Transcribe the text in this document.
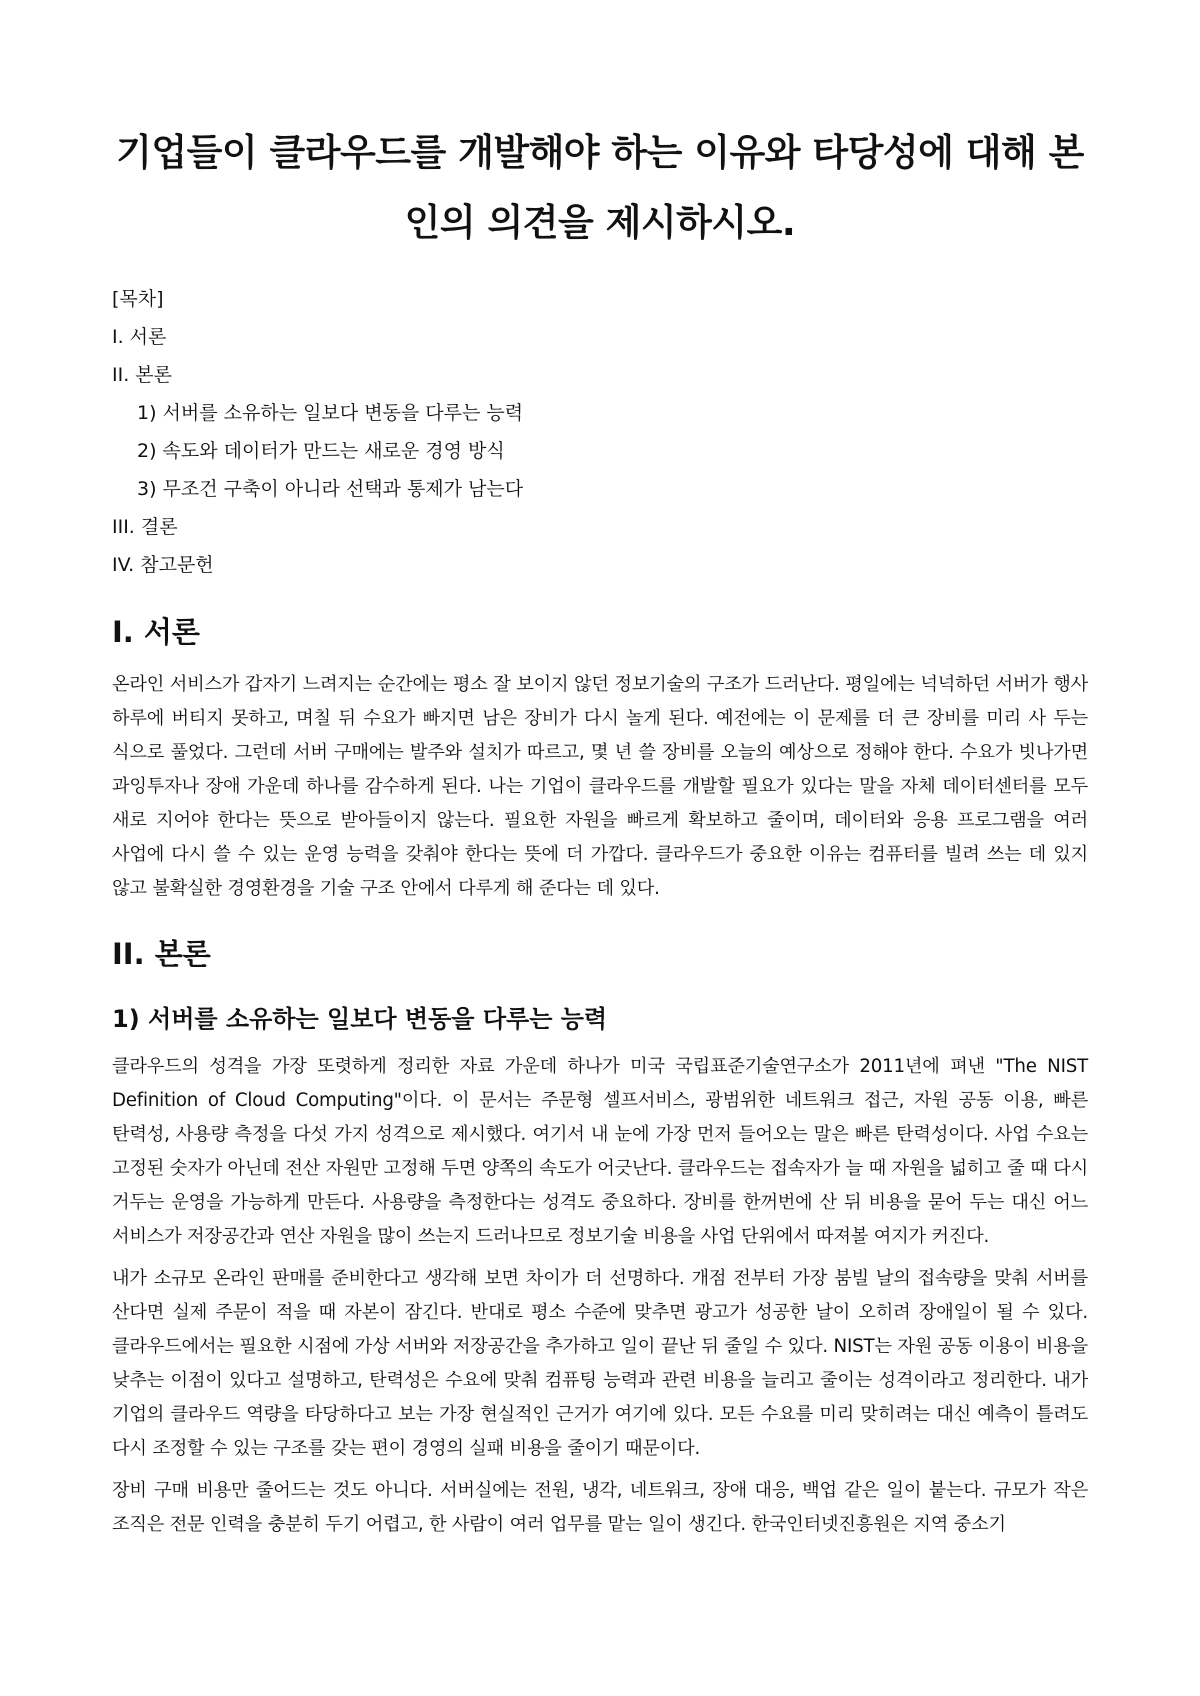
기업들이 클라우드를 개발해야 하는 이유와 타당성에 대해 본인의 의견을 제시하시오.
[목차]
I. 서론
II. 본론
1) 서버를 소유하는 일보다 변동을 다루는 능력
2) 속도와 데이터가 만드는 새로운 경영 방식
3) 무조건 구축이 아니라 선택과 통제가 남는다
III. 결론
IV. 참고문헌
I. 서론

온라인 서비스가 갑자기 느려지는 순간에는 평소 잘 보이지 않던 정보기술의 구조가 드러난다. 평일에는 넉넉하던 서버가 행사 하루에 버티지 못하고, 며칠 뒤 수요가 빠지면 남은 장비가 다시 놀게 된다. 예전에는 이 문제를 더 큰 장비를 미리 사 두는 식으로 풀었다. 그런데 서버 구매에는 발주와 설치가 따르고, 몇 년 쓸 장비를 오늘의 예상으로 정해야 한다. 수요가 빗나가면 과잉투자나 장애 가운데 하나를 감수하게 된다. 나는 기업이 클라우드를 개발할 필요가 있다는 말을 자체 데이터센터를 모두 새로 지어야 한다는 뜻으로 받아들이지 않는다. 필요한 자원을 빠르게 확보하고 줄이며, 데이터와 응용 프로그램을 여러 사업에 다시 쓸 수 있는 운영 능력을 갖춰야 한다는 뜻에 더 가깝다. 클라우드가 중요한 이유는 컴퓨터를 빌려 쓰는 데 있지 않고 불확실한 경영환경을 기술 구조 안에서 다루게 해 준다는 데 있다.

II. 본론
1) 서버를 소유하는 일보다 변동을 다루는 능력

클라우드의 성격을 가장 또렷하게 정리한 자료 가운데 하나가 미국 국립표준기술연구소가 2011년에 펴낸 "The NIST Definition of Cloud Computing"이다. 이 문서는 주문형 셀프서비스, 광범위한 네트워크 접근, 자원 공동 이용, 빠른 탄력성, 사용량 측정을 다섯 가지 성격으로 제시했다. 여기서 내 눈에 가장 먼저 들어오는 말은 빠른 탄력성이다. 사업 수요는 고정된 숫자가 아닌데 전산 자원만 고정해 두면 양쪽의 속도가 어긋난다. 클라우드는 접속자가 늘 때 자원을 넓히고 줄 때 다시 거두는 운영을 가능하게 만든다. 사용량을 측정한다는 성격도 중요하다. 장비를 한꺼번에 산 뒤 비용을 묻어 두는 대신 어느 서비스가 저장공간과 연산 자원을 많이 쓰는지 드러나므로 정보기술 비용을 사업 단위에서 따져볼 여지가 커진다.

내가 소규모 온라인 판매를 준비한다고 생각해 보면 차이가 더 선명하다. 개점 전부터 가장 붐빌 날의 접속량을 맞춰 서버를 산다면 실제 주문이 적을 때 자본이 잠긴다. 반대로 평소 수준에 맞추면 광고가 성공한 날이 오히려 장애일이 될 수 있다. 클라우드에서는 필요한 시점에 가상 서버와 저장공간을 추가하고 일이 끝난 뒤 줄일 수 있다. NIST는 자원 공동 이용이 비용을 낮추는 이점이 있다고 설명하고, 탄력성은 수요에 맞춰 컴퓨팅 능력과 관련 비용을 늘리고 줄이는 성격이라고 정리한다. 내가 기업의 클라우드 역량을 타당하다고 보는 가장 현실적인 근거가 여기에 있다. 모든 수요를 미리 맞히려는 대신 예측이 틀려도 다시 조정할 수 있는 구조를 갖는 편이 경영의 실패 비용을 줄이기 때문이다.

장비 구매 비용만 줄어드는 것도 아니다. 서버실에는 전원, 냉각, 네트워크, 장애 대응, 백업 같은 일이 붙는다. 규모가 작은 조직은 전문 인력을 충분히 두기 어렵고, 한 사람이 여러 업무를 맡는 일이 생긴다. 한국인터넷진흥원은 지역 중소기
